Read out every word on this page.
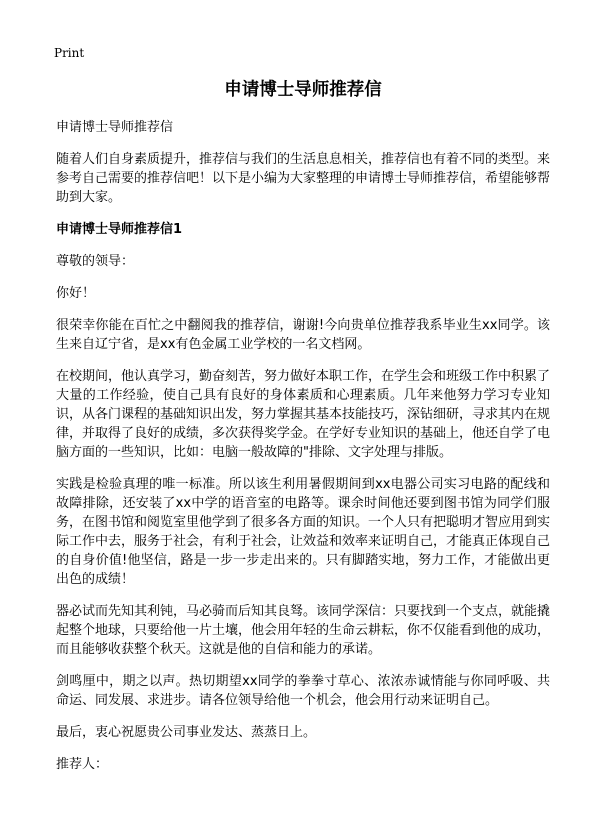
Print
申请博士导师推荐信

申请博士导师推荐信

随着人们自身素质提升，推荐信与我们的生活息息相关，推荐信也有着不同的类型。来参考自己需要的推荐信吧！以下是小编为大家整理的申请博士导师推荐信，希望能够帮助到大家。

申请博士导师推荐信1

尊敬的领导：

你好！

很荣幸你能在百忙之中翻阅我的推荐信，谢谢!今向贵单位推荐我系毕业生xx同学。该生来自辽宁省，是xx有色金属工业学校的一名文档网。

在校期间，他认真学习，勤奋刻苦，努力做好本职工作，在学生会和班级工作中积累了大量的工作经验，使自己具有良好的身体素质和心理素质。几年来他努力学习专业知识，从各门课程的基础知识出发，努力掌握其基本技能技巧，深钻细研，寻求其内在规律，并取得了良好的成绩，多次获得奖学金。在学好专业知识的基础上，他还自学了电脑方面的一些知识，比如：电脑一般故障的"排除、文字处理与排版。

实践是检验真理的唯一标准。所以该生利用暑假期间到xx电器公司实习电路的配线和故障排除，还安装了xx中学的语音室的电路等。课余时间他还要到图书馆为同学们服务，在图书馆和阅览室里他学到了很多各方面的知识。一个人只有把聪明才智应用到实际工作中去，服务于社会，有利于社会，让效益和效率来证明自己，才能真正体现自己的自身价值!他坚信，路是一步一步走出来的。只有脚踏实地，努力工作，才能做出更出色的成绩！

器必试而先知其利钝，马必骑而后知其良驽。该同学深信：只要找到一个支点，就能撬起整个地球，只要给他一片土壤，他会用年轻的生命云耕耘，你不仅能看到他的成功，而且能够收获整个秋天。这就是他的自信和能力的承诺。

剑鸣厘中，期之以声。热切期望xx同学的拳拳寸草心、浓浓赤诚情能与你同呼吸、共命运、同发展、求进步。请各位领导给他一个机会，他会用行动来证明自己。

最后，衷心祝愿贵公司事业发达、蒸蒸日上。

推荐人：
